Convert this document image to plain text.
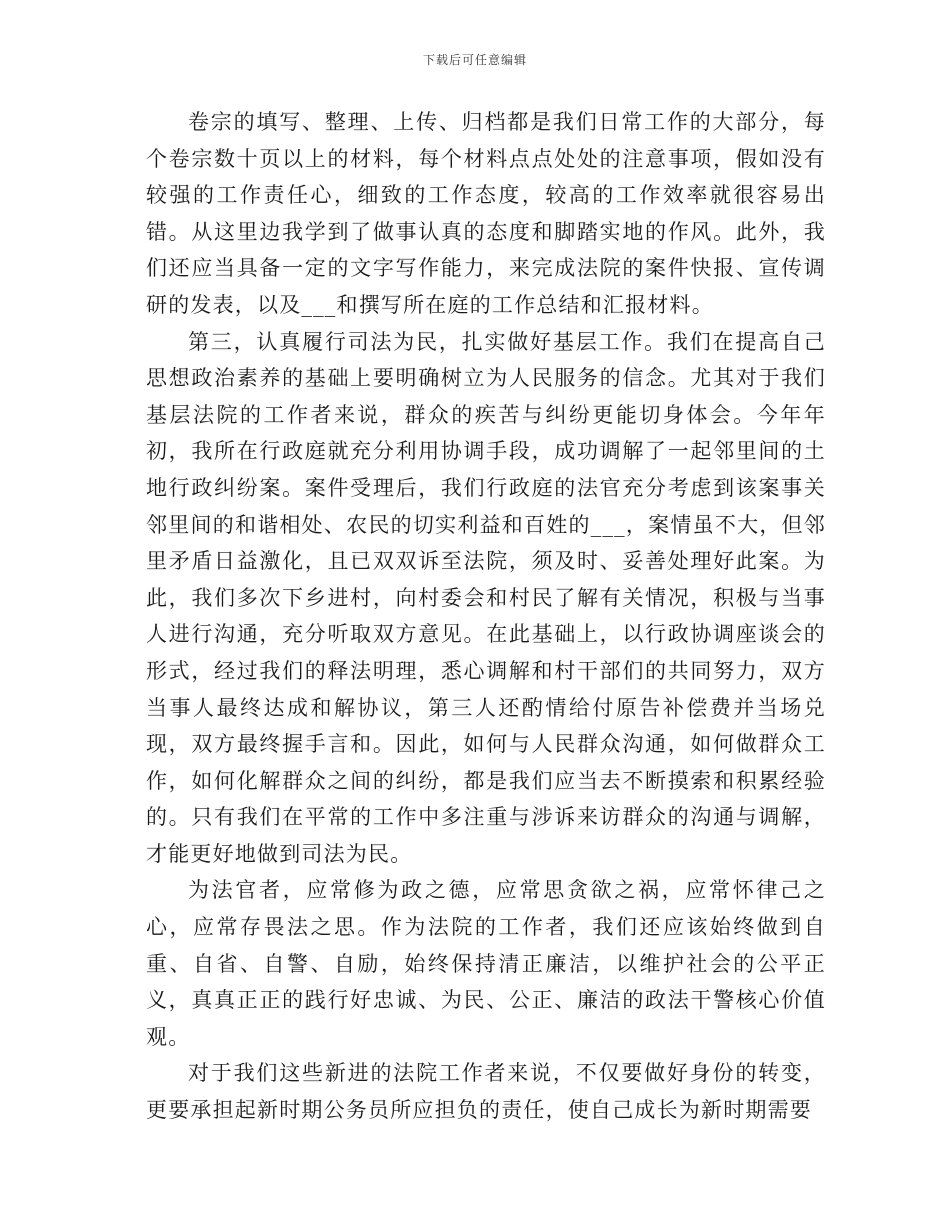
下载后可任意编辑

卷宗的填写、整理、上传、归档都是我们日常工作的大部分，每个卷宗数十页以上的材料，每个材料点点处处的注意事项，假如没有较强的工作责任心，细致的工作态度，较高的工作效率就很容易出错。从这里边我学到了做事认真的态度和脚踏实地的作风。此外，我们还应当具备一定的文字写作能力，来完成法院的案件快报、宣传调研的发表，以及___和撰写所在庭的工作总结和汇报材料。

第三，认真履行司法为民，扎实做好基层工作。我们在提高自己思想政治素养的基础上要明确树立为人民服务的信念。尤其对于我们基层法院的工作者来说，群众的疾苦与纠纷更能切身体会。今年年初，我所在行政庭就充分利用协调手段，成功调解了一起邻里间的土地行政纠纷案。案件受理后，我们行政庭的法官充分考虑到该案事关邻里间的和谐相处、农民的切实利益和百姓的___，案情虽不大，但邻里矛盾日益激化，且已双双诉至法院，须及时、妥善处理好此案。为此，我们多次下乡进村，向村委会和村民了解有关情况，积极与当事人进行沟通，充分听取双方意见。在此基础上，以行政协调座谈会的形式，经过我们的释法明理，悉心调解和村干部们的共同努力，双方当事人最终达成和解协议，第三人还酌情给付原告补偿费并当场兑现，双方最终握手言和。因此，如何与人民群众沟通，如何做群众工作，如何化解群众之间的纠纷，都是我们应当去不断摸索和积累经验的。只有我们在平常的工作中多注重与涉诉来访群众的沟通与调解，才能更好地做到司法为民。

为法官者，应常修为政之德，应常思贪欲之祸，应常怀律己之心，应常存畏法之思。作为法院的工作者，我们还应该始终做到自重、自省、自警、自励，始终保持清正廉洁，以维护社会的公平正义，真真正正的践行好忠诚、为民、公正、廉洁的政法干警核心价值观。

对于我们这些新进的法院工作者来说，不仅要做好身份的转变，更要承担起新时期公务员所应担负的责任，使自己成长为新时期需要
